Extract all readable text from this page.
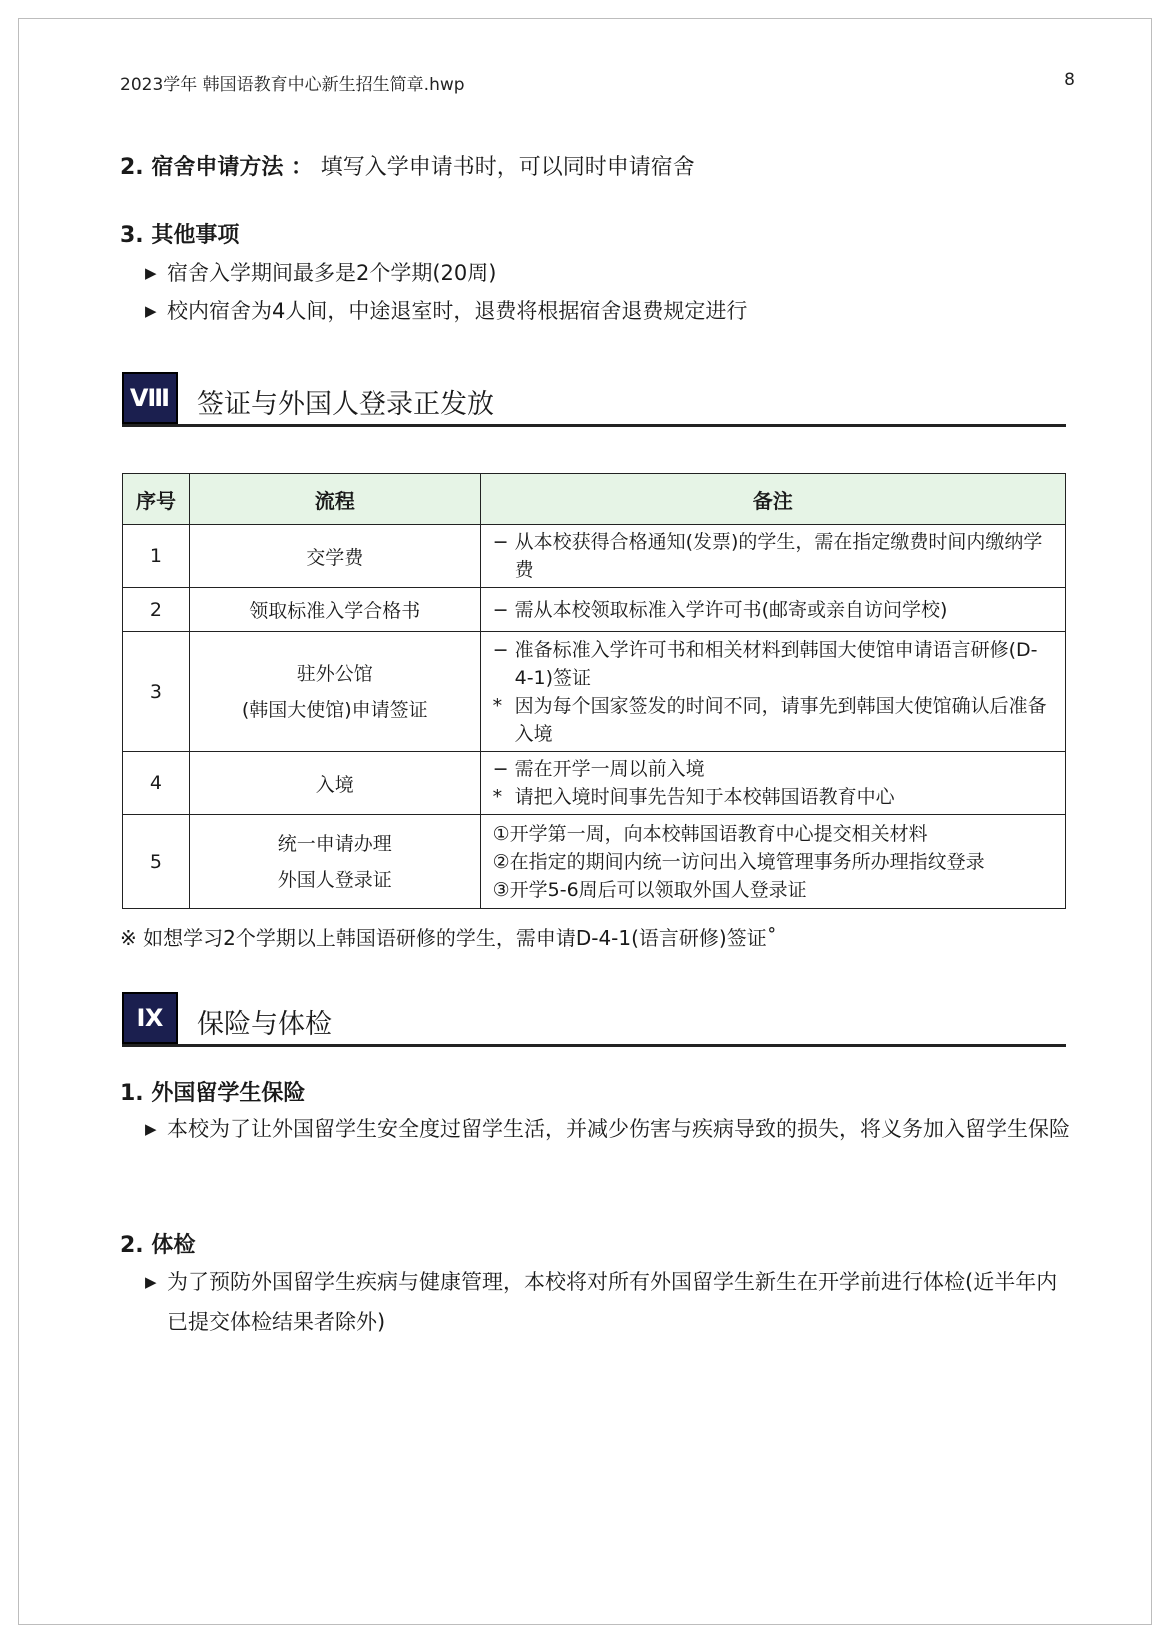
2023学年 韩国语教育中心新生招生简章.hwp	8
2. 宿舍申请方法 ： 填写入学申请书时，可以同时申请宿舍
3. 其他事项
▶ 宿舍入学期间最多是2个学期(20周)
▶ 校内宿舍为4人间，中途退室时，退费将根据宿舍退费规定进行
Ⅷ 签证与外国人登录正发放
序号	流程	备注
1	交学费	− 从本校获得合格通知(发票)的学生，需在指定缴费时间内缴纳学费

2	领取标准入学合格书	− 需从本校领取标准入学许可书(邮寄或亲自访问学校)

3	驻外公馆
(韩国大使馆)申请签证	− 准备标准入学许可书和相关材料到韩国大使馆申请语言研修(D-4-1)签证
* 因为每个国家签发的时间不同，请事先到韩国大使馆确认后准备入境

4	入境	− 需在开学一周以前入境
* 请把入境时间事先告知于本校韩国语教育中心

5	统一申请办理
外国人登录证	①开学第一周，向本校韩国语教育中心提交相关材料
②在指定的期间内统一访问出入境管理事务所办理指纹登录
③开学5-6周后可以领取外国人登录证
※ 如想学习2个学期以上韩国语研修的学生，需申请D-4-1(语言研修)签证˚
Ⅸ	保险与体检
1. 外国留学生保险
▶ 本校为了让外国留学生安全度过留学生活，并减少伤害与疾病导致的损失，将义务加入留学生保险
2. 体检
▶ 为了预防外国留学生疾病与健康管理，本校将对所有外国留学生新生在开学前进行体检(近半年内已提交体检结果者除外)
